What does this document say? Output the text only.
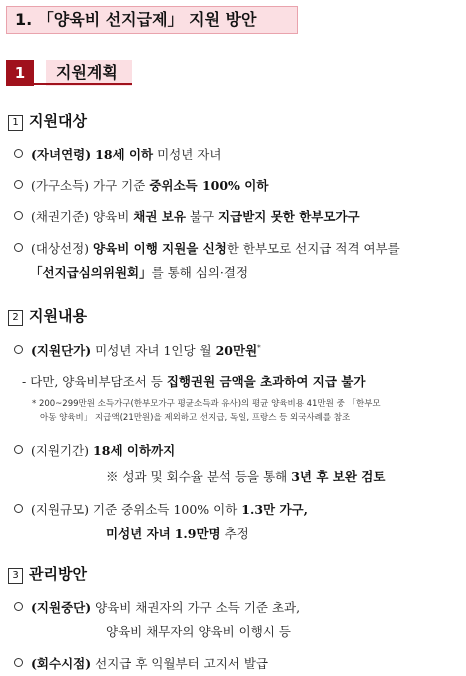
1. 「양육비 선지급제」 지원 방안
1	지원계획
1 지원대상
(자녀연령) 18세 이하 미성년 자녀
(가구소득) 가구 기준 중위소득 100% 이하
(채권기준) 양육비 채권 보유 불구 지급받지 못한 한부모가구
(대상선정) 양육비 이행 지원을 신청한 한부모로 선지급 적격 여부를
「선지급심의위원회」를 통해 심의·결정
2 지원내용
(지원단가) 미성년 자녀 1인당 월 20만원*
- 다만, 양육비부담조서 등 집행권원 금액을 초과하여 지급 불가
* 200~299만원 소득가구(한부모가구 평균소득과 유사)의 평균 양육비용 41만원 중 「한부모
아동 양육비」 지급액(21만원)을 제외하고 선지급, 독일, 프랑스 등 외국사례를 참조
(지원기간) 18세 이하까지
※ 성과 및 회수율 분석 등을 통해 3년 후 보완 검토
(지원규모) 기준 중위소득 100% 이하 1.3만 가구,
미성년 자녀 1.9만명 추정
3 관리방안
(지원중단) 양육비 채권자의 가구 소득 기준 초과,
양육비 채무자의 양육비 이행시 등
(회수시점) 선지급 후 익월부터 고지서 발급
